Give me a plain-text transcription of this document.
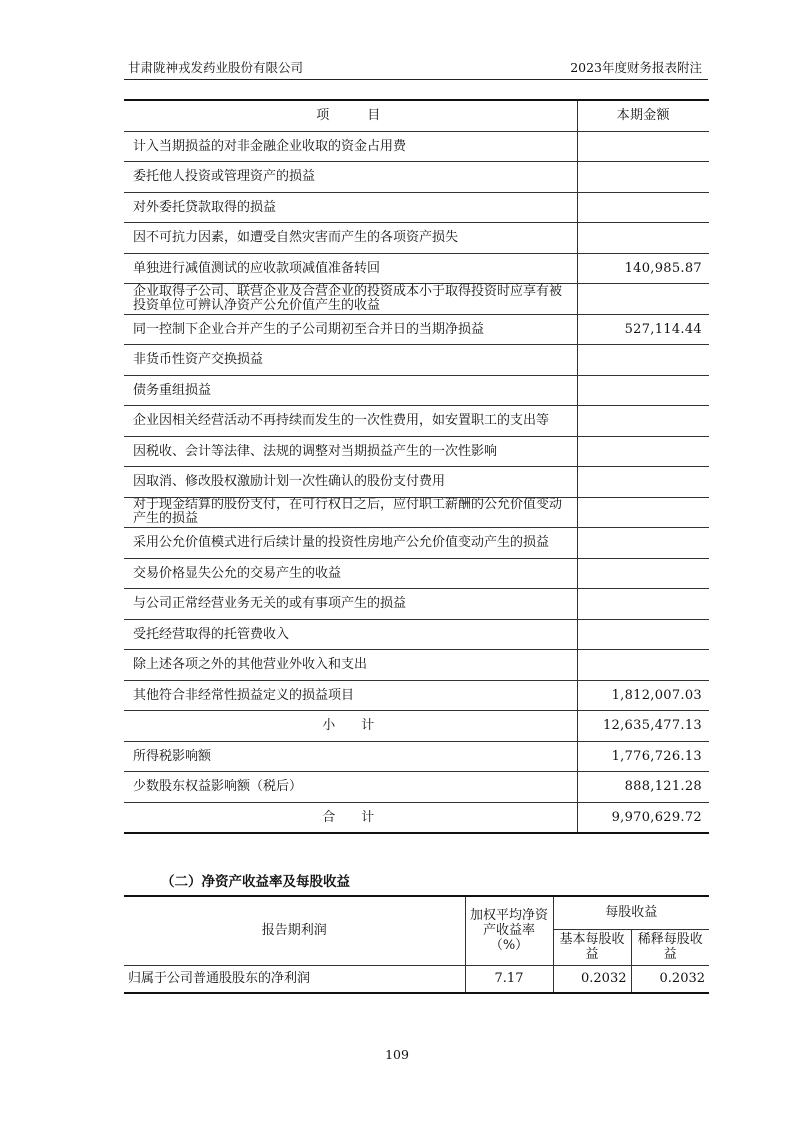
甘肃陇神戎发药业股份有限公司	2023年度财务报表附注
项目	本期金额
计入当期损益的对非金融企业收取的资金占用费	
委托他人投资或管理资产的损益	
对外委托贷款取得的损益	
因不可抗力因素，如遭受自然灾害而产生的各项资产损失	
单独进行减值测试的应收款项减值准备转回	140,985.87
企业取得子公司、联营企业及合营企业的投资成本小于取得投资时应享有被投资单位可辨认净资产公允价值产生的收益	
同一控制下企业合并产生的子公司期初至合并日的当期净损益	527,114.44
非货币性资产交换损益	
债务重组损益	
企业因相关经营活动不再持续而发生的一次性费用，如安置职工的支出等	
因税收、会计等法律、法规的调整对当期损益产生的一次性影响	
因取消、修改股权激励计划一次性确认的股份支付费用	
对于现金结算的股份支付，在可行权日之后，应付职工薪酬的公允价值变动产生的损益	
采用公允价值模式进行后续计量的投资性房地产公允价值变动产生的损益	
交易价格显失公允的交易产生的收益	
与公司正常经营业务无关的或有事项产生的损益	
受托经营取得的托管费收入	
除上述各项之外的其他营业外收入和支出	
其他符合非经常性损益定义的损益项目	1,812,007.03
小计	12,635,477.13
所得税影响额	1,776,726.13
少数股东权益影响额（税后）	888,121.28
合计	9,970,629.72
（二）净资产收益率及每股收益
报告期利润	加权平均净资产收益率（%）	每股收益	
		基本每股收益	稀释每股收益
归属于公司普通股股东的净利润	7.17	0.2032	0.2032
109
